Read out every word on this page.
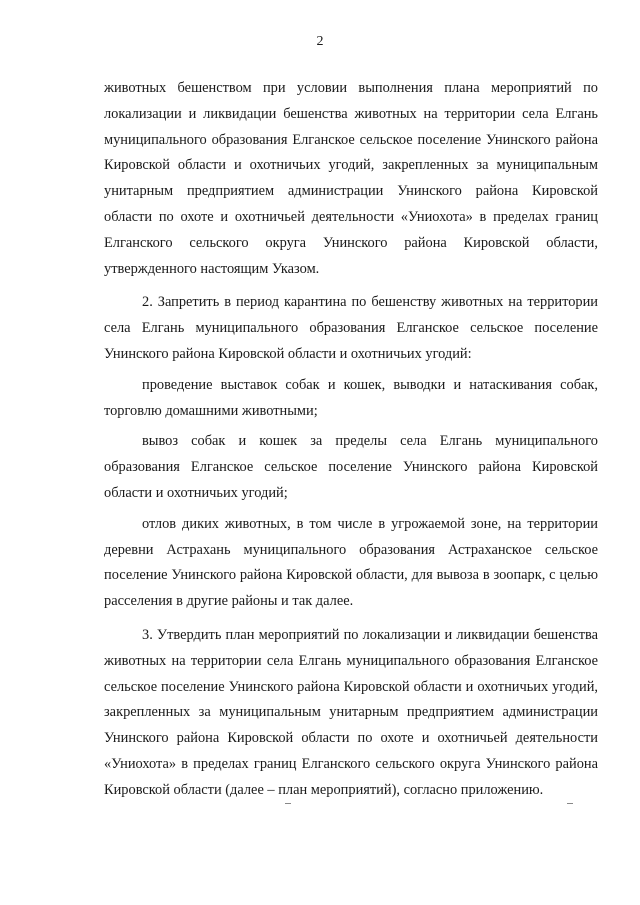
2

животных бешенством при условии выполнения плана мероприятий по локализации и ликвидации бешенства животных на территории села Елгань муниципального образования Елганское сельское поселение Унинского района Кировской области и охотничьих угодий, закрепленных за муниципальным унитарным предприятием администрации Унинского района Кировской области по охоте и охотничьей деятельности «Униохота» в пределах границ Елганского сельского округа Унинского района Кировской области, утвержденного настоящим Указом.

2. Запретить в период карантина по бешенству животных на территории села Елгань муниципального образования Елганское сельское поселение Унинского района Кировской области и охотничьих угодий:

проведение выставок собак и кошек, выводки и натаскивания собак, торговлю домашними животными;

вывоз собак и кошек за пределы села Елгань муниципального образования Елганское сельское поселение Унинского района Кировской области и охотничьих угодий;

отлов диких животных, в том числе в угрожаемой зоне, на территории деревни Астрахань муниципального образования Астраханское сельское поселение Унинского района Кировской области, для вывоза в зоопарк, с целью расселения в другие районы и так далее.

3. Утвердить план мероприятий по локализации и ликвидации бешенства животных на территории села Елгань муниципального образования Елганское сельское поселение Унинского района Кировской области и охотничьих угодий, закрепленных за муниципальным унитарным предприятием администрации Унинского района Кировской области по охоте и охотничьей деятельности «Униохота» в пределах границ Елганского сельского округа Унинского района Кировской области (далее – план мероприятий), согласно приложению.
